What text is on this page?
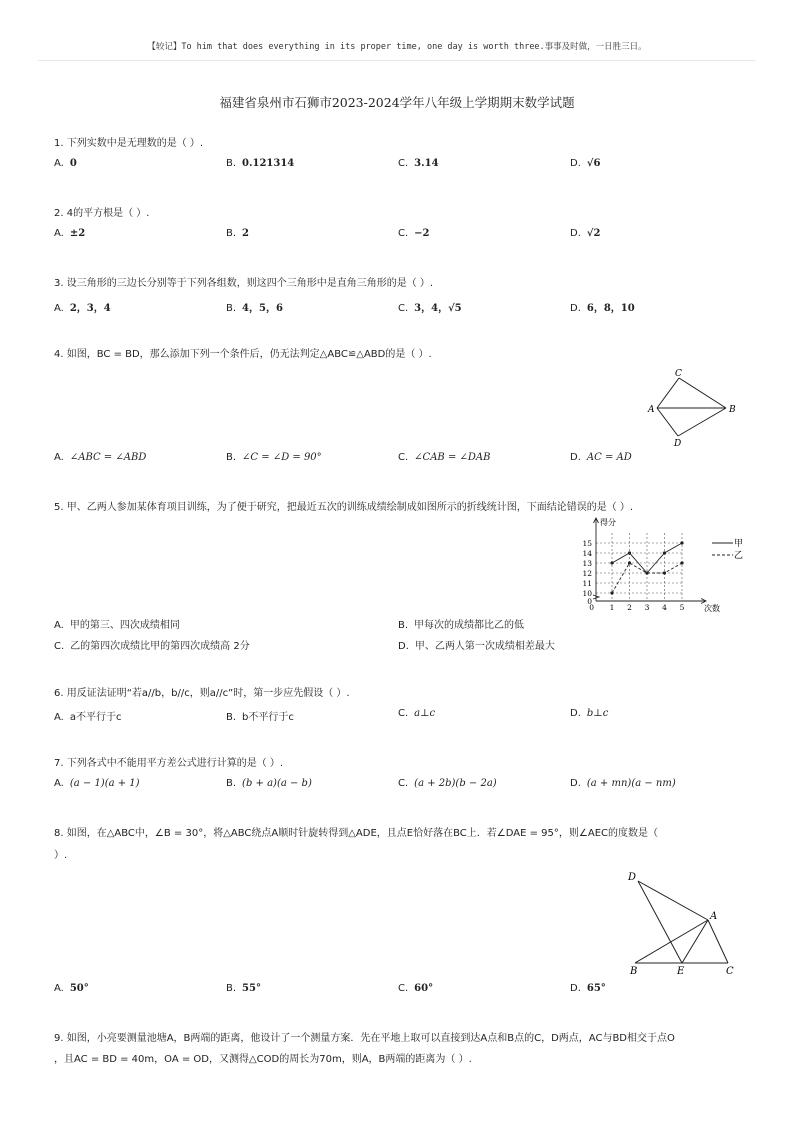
【较记】To him that does everything in its proper time, one day is worth three.事事及时做，一日胜三日。
福建省泉州市石狮市2023-2024学年八年级上学期期末数学试题
1. 下列实数中是无理数的是（ ）.
A. 0	B. 0.121314	C. 3.14	D. √6
2. 4的平方根是（ ）.
A. ±2	B. 2	C. −2	D. √2
3. 设三角形的三边长分别等于下列各组数，则这四个三角形中是直角三角形的是（ ）.
A. 2，3，4	B. 4，5，6	C. 3，4，√5	D. 6，8，10
4. 如图，BC = BD，那么添加下列一个条件后，仍无法判定△ABC≌△ABD的是（ ）.
C
A	B
D
A. ∠ABC = ∠ABD	B. ∠C = ∠D = 90°	C. ∠CAB = ∠DAB	D. AC = AD
5. 甲、乙两人参加某体育项目训练，为了便于研究，把最近五次的训练成绩绘制成如图所示的折线统计图，下面结论错误的是（ ）.
10
11
12
13
14
15
0
1 2 3 4 5
0
得分
次数
甲
乙
A. 甲的第三、四次成绩相同	B. 甲每次的成绩都比乙的低
C. 乙的第四次成绩比甲的第四次成绩高 2分	D. 甲、乙两人第一次成绩相差最大
6. 用反证法证明“若a//b，b//c，则a//c”时，第一步应先假设（ ）.
A. a不平行于c	B. b不平行于c	C. a⊥c	D. b⊥c
7. 下列各式中不能用平方差公式进行计算的是（ ）.
A. (a − 1)(a + 1)	B. (b + a)(a − b)	C. (a + 2b)(b − 2a)	D. (a + mn)(a − nm)
8. 如图，在△ABC中，∠B = 30°，将△ABC绕点A顺时针旋转得到△ADE，且点E恰好落在BC上．若∠DAE = 95°，则∠AEC的度数是（
）.
D
A
B	E	C
A. 50°	B. 55°	C. 60°	D. 65°
9. 如图，小亮要测量池塘A，B两端的距离，他设计了一个测量方案．先在平地上取可以直接到达A点和B点的C，D两点，AC与BD相交于点O
，且AC = BD = 40m，OA = OD，又测得△COD的周长为70m，则A，B两端的距离为（ ）.
